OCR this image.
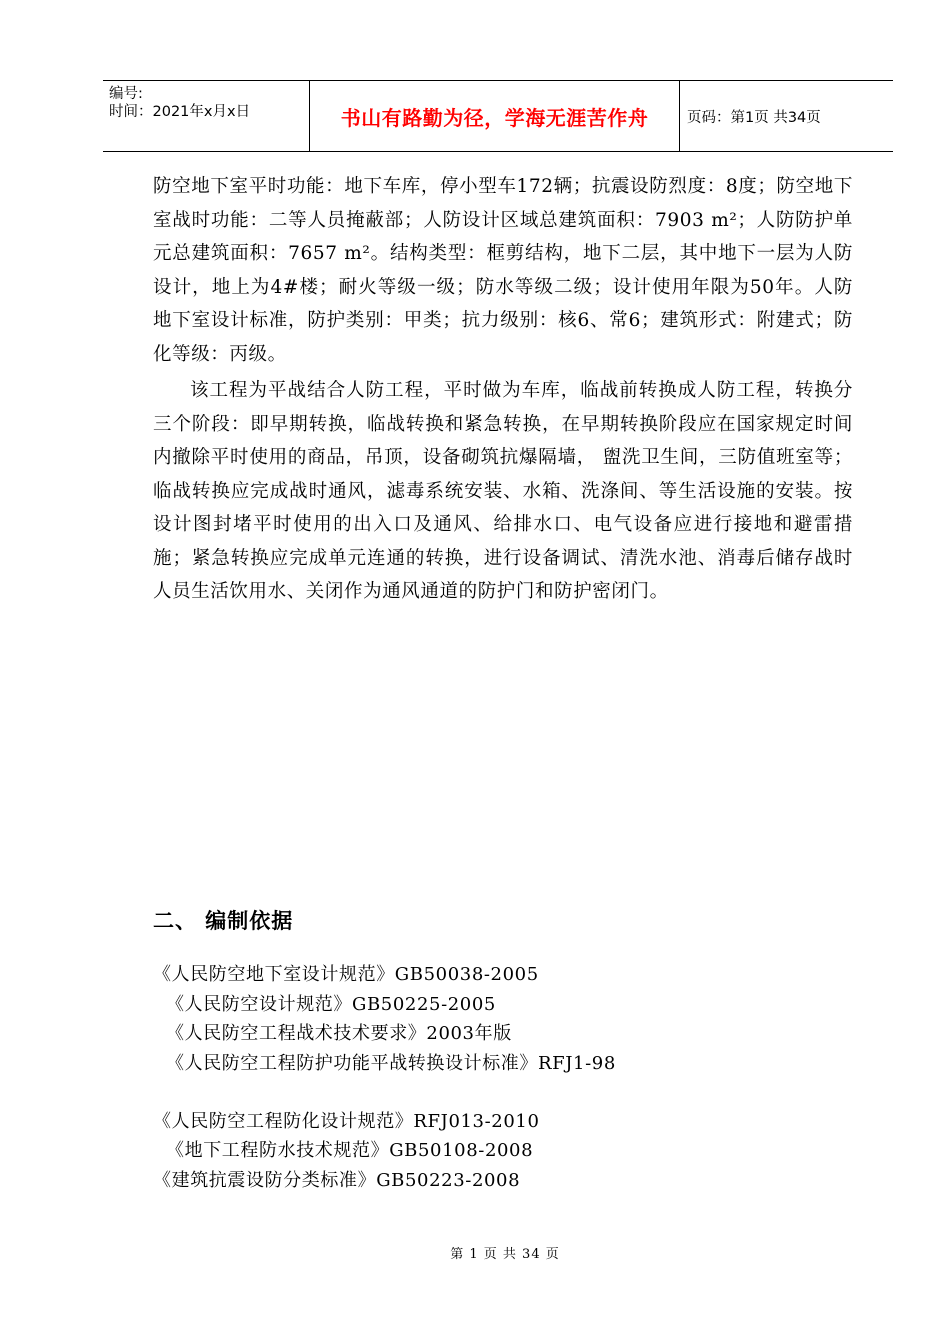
编号:
时间：2021年x月x日	书山有路勤为径，学海无涯苦作舟	页码：第1页 共34页

防空地下室平时功能：地下车库，停小型车172辆；抗震设防烈度：8度；防空地下室战时功能：二等人员掩蔽部；人防设计区域总建筑面积：7903 m²；人防防护单元总建筑面积：7657 m²。结构类型：框剪结构，地下二层，其中地下一层为人防设计，地上为4#楼；耐火等级一级；防水等级二级；设计使用年限为50年。人防地下室设计标准，防护类别：甲类；抗力级别：核6、常6；建筑形式：附建式；防化等级：丙级。

该工程为平战结合人防工程，平时做为车库，临战前转换成人防工程，转换分三个阶段：即早期转换，临战转换和紧急转换，在早期转换阶段应在国家规定时间内撤除平时使用的商品，吊顶，设备砌筑抗爆隔墙， 盥洗卫生间，三防值班室等；临战转换应完成战时通风，滤毒系统安装、水箱、洗涤间、等生活设施的安装。按设计图封堵平时使用的出入口及通风、给排水口、电气设备应进行接地和避雷措施；紧急转换应完成单元连通的转换，进行设备调试、清洗水池、消毒后储存战时人员生活饮用水、关闭作为通风通道的防护门和防护密闭门。

二、 编制依据
《人民防空地下室设计规范》GB50038-2005
《人民防空设计规范》GB50225-2005
《人民防空工程战术技术要求》2003年版
《人民防空工程防护功能平战转换设计标准》RFJ1-98
《人民防空工程防化设计规范》RFJ013-2010
《地下工程防水技术规范》GB50108-2008
《建筑抗震设防分类标准》GB50223-2008
第 1 页 共 34 页
